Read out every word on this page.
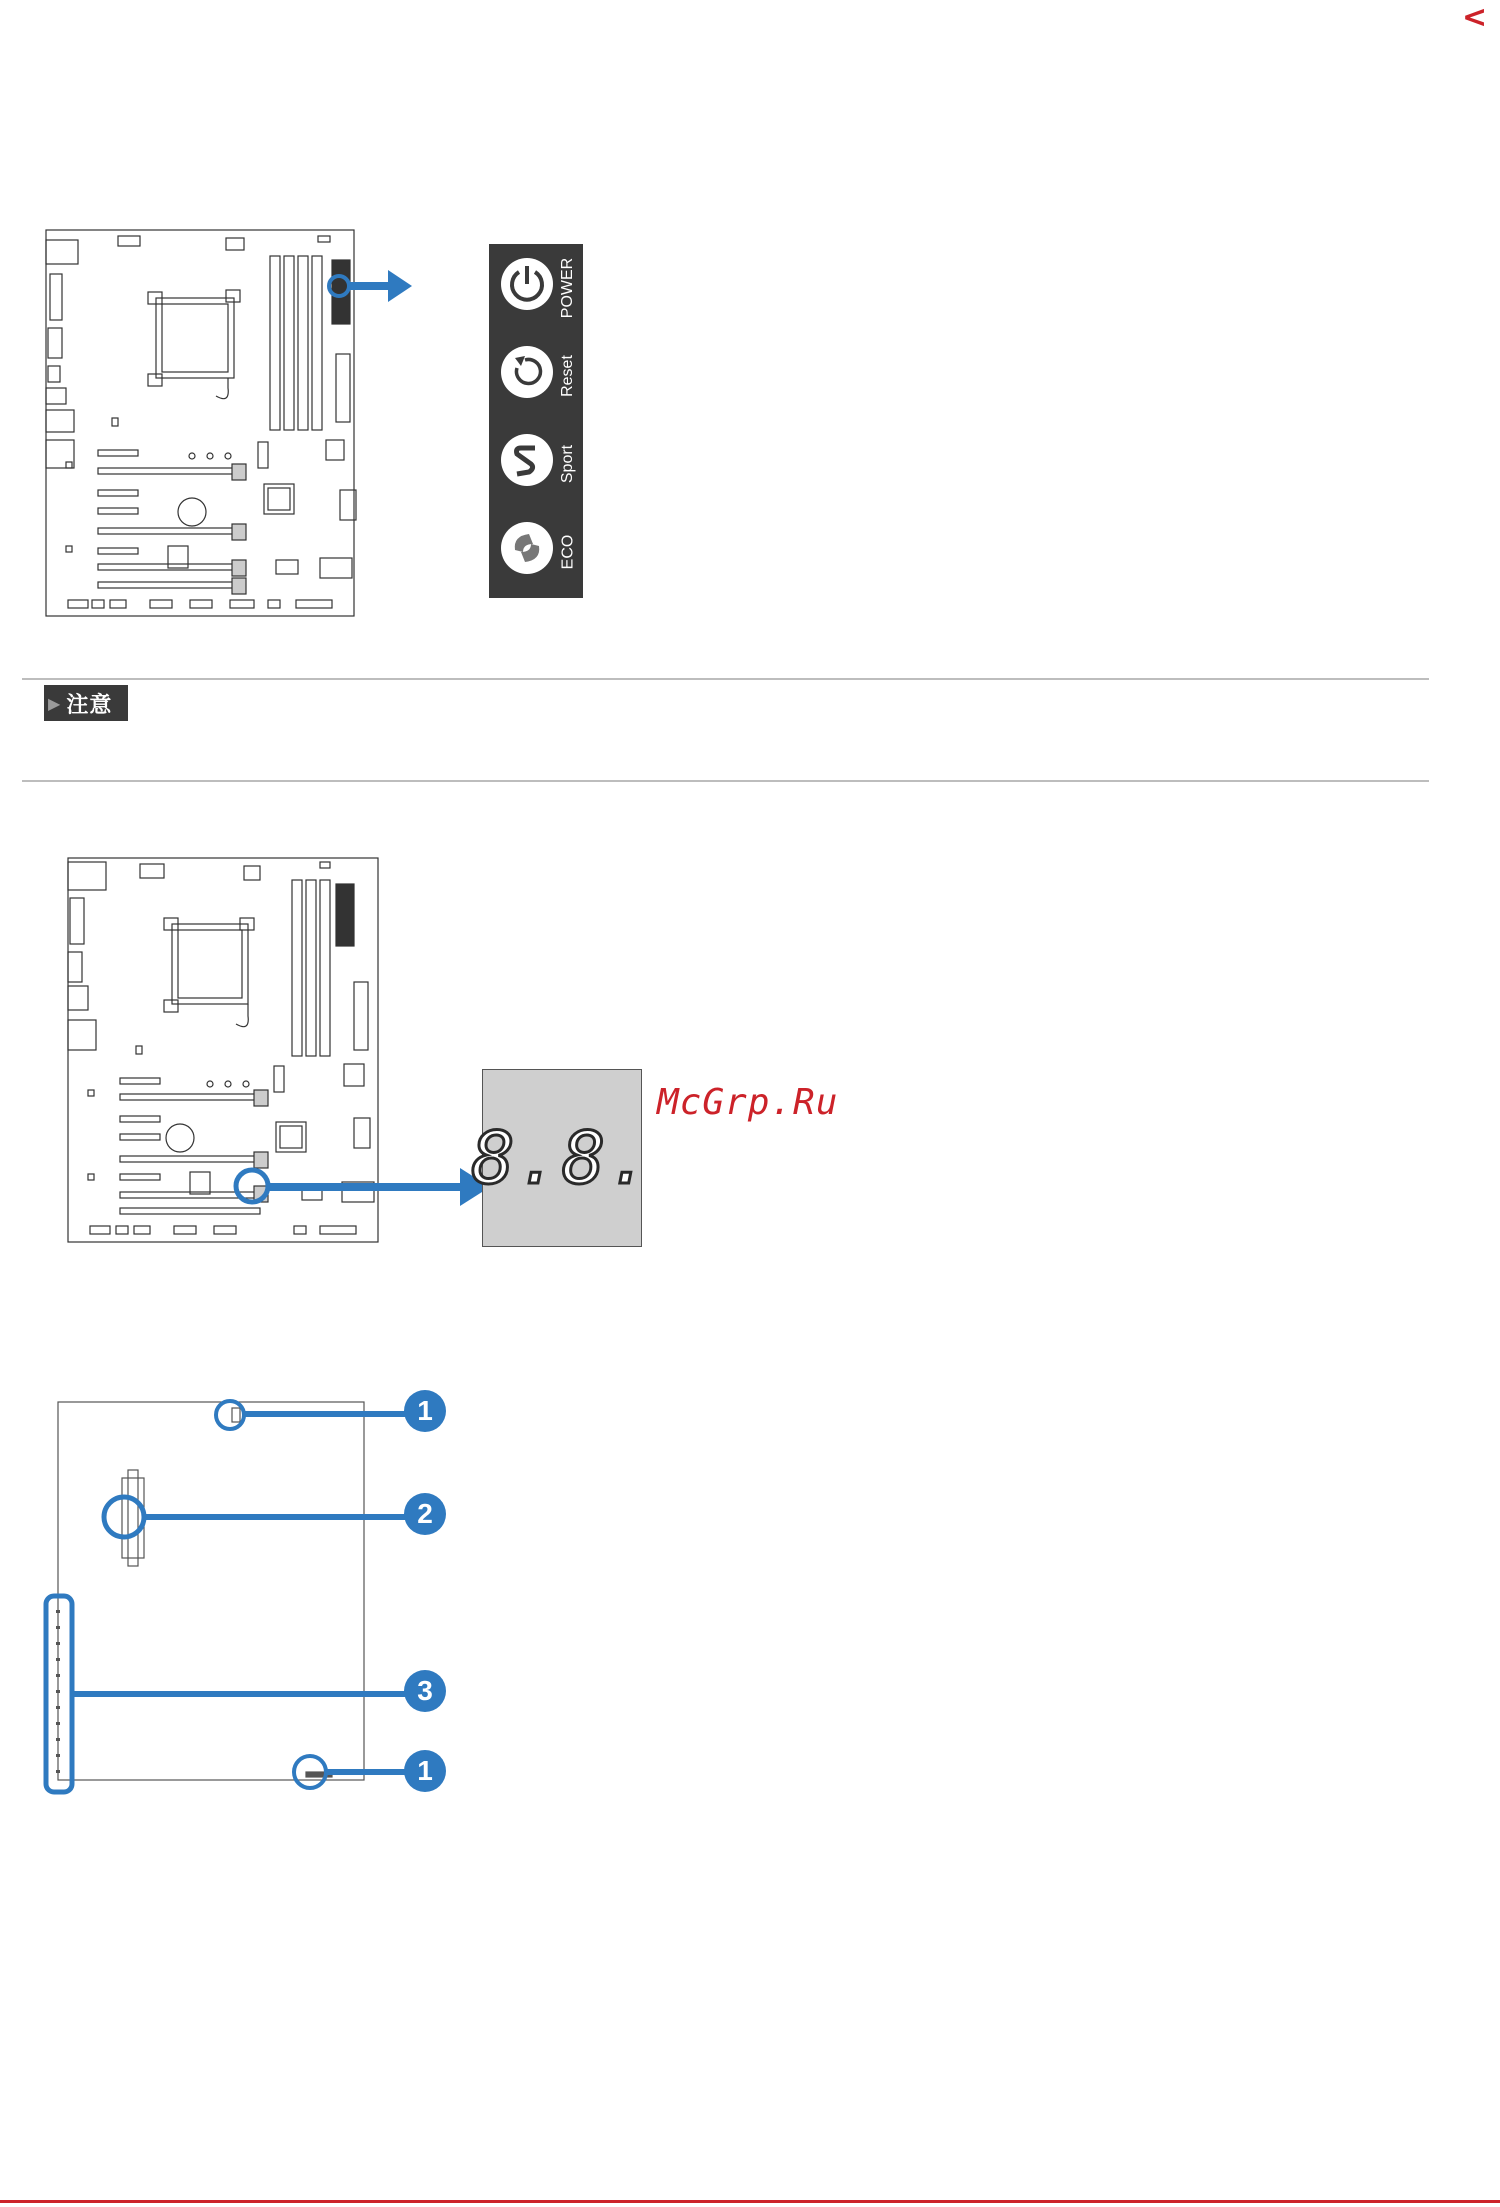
<
POWER
Reset
Sport
ECO
▶ 注意
8.8.
McGrp.Ru
1
2
3
1
